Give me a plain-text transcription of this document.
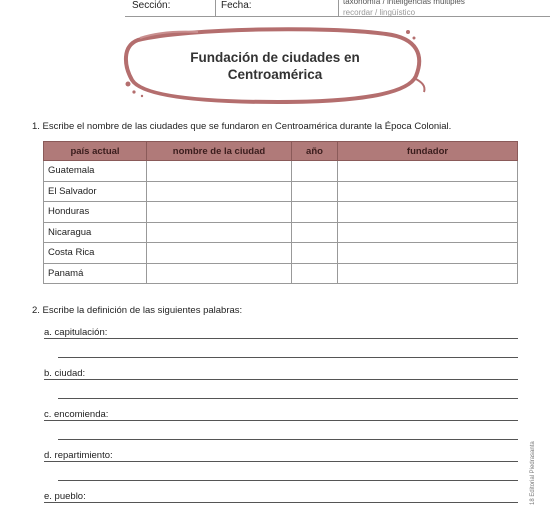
Sección:	Fecha:	taxonomía / inteligencias múltiples
recordar / lingüístico
Fundación de ciudades en
Centroamérica
1. Escribe el nombre de las ciudades que se fundaron en Centroamérica durante la Época Colonial.
país actual	nombre de la ciudad	año	fundador
Guatemala			
El Salvador			
Honduras			
Nicaragua			
Costa Rica			
Panamá			
2. Escribe la definición de las siguientes palabras:
a. capitulación:
b. ciudad:
c. encomienda:
d. repartimiento:
e. pueblo:	18 Editorial Piedrasanta
